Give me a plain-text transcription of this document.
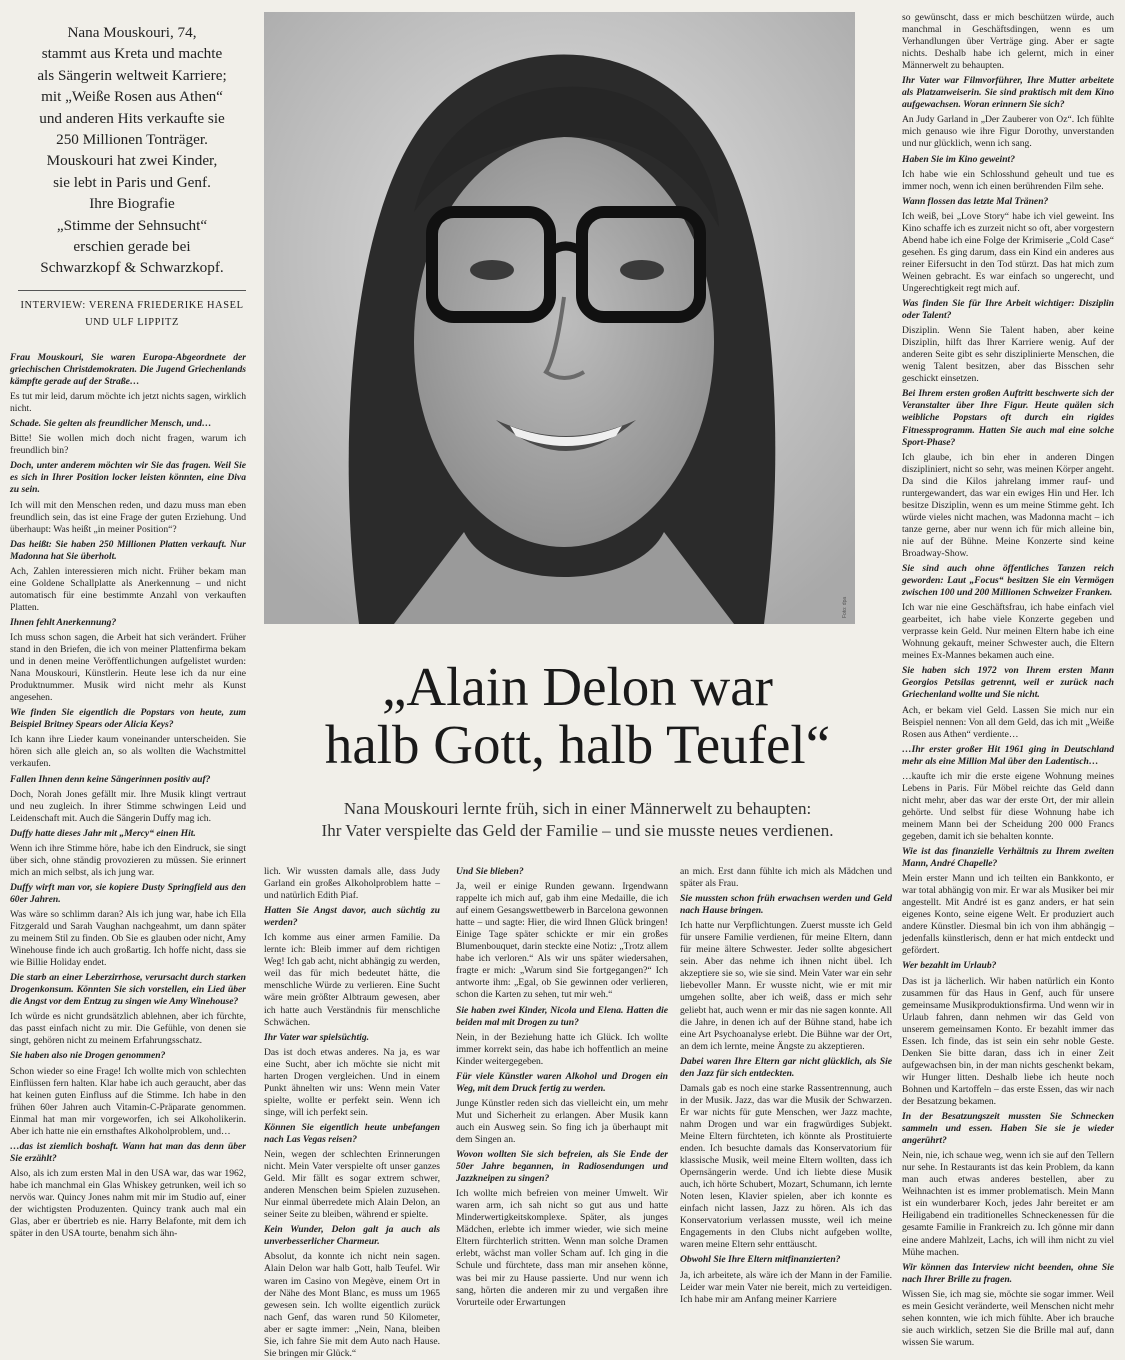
Nana Mouskouri, 74,

stammt aus Kreta und machte

als Sängerin weltweit Karriere;

mit „Weiße Rosen aus Athen“

und anderen Hits verkaufte sie

250 Millionen Tonträger.

Mouskouri hat zwei Kinder,

sie lebt in Paris und Genf.

Ihre Biografie

„Stimme der Sehnsucht“

erschien gerade bei

Schwarzkopf & Schwarzkopf.

INTERVIEW: VERENA FRIEDERIKE HASEL
UND ULF LIPPITZ

Frau Mouskouri, Sie waren Europa-Abgeordnete der griechischen Christdemokraten. Die Jugend Griechenlands kämpfte gerade auf der Straße…

Es tut mir leid, darum möchte ich jetzt nichts sagen, wirklich nicht.

Schade. Sie gelten als freundlicher Mensch, und…

Bitte! Sie wollen mich doch nicht fragen, warum ich freundlich bin?

Doch, unter anderem möchten wir Sie das fragen. Weil Sie es sich in Ihrer Position locker leisten könnten, eine Diva zu sein.

Ich will mit den Menschen reden, und dazu muss man eben freundlich sein, das ist eine Frage der guten Erziehung. Und überhaupt: Was heißt „in meiner Position“?

Das heißt: Sie haben 250 Millionen Platten verkauft. Nur Madonna hat Sie überholt.

Ach, Zahlen interessieren mich nicht. Früher bekam man eine Goldene Schallplatte als Anerkennung – und nicht automatisch für eine bestimmte Anzahl von verkauften Platten.

Ihnen fehlt Anerkennung?

Ich muss schon sagen, die Arbeit hat sich verändert. Früher stand in den Briefen, die ich von meiner Plattenfirma bekam und in denen meine Veröffentlichungen aufgelistet wurden: Nana Mouskouri, Künstlerin. Heute lese ich da nur eine Produktnummer. Musik wird nicht mehr als Kunst angesehen.

Wie finden Sie eigentlich die Popstars von heute, zum Beispiel Britney Spears oder Alicia Keys?

Ich kann ihre Lieder kaum voneinander unterscheiden. Sie hören sich alle gleich an, so als wollten die Wachstmittel verkaufen.

Fallen Ihnen denn keine Sängerinnen positiv auf?

Doch, Norah Jones gefällt mir. Ihre Musik klingt vertraut und neu zugleich. In ihrer Stimme schwingen Leid und Leidenschaft mit. Auch die Sängerin Duffy mag ich.

Duffy hatte dieses Jahr mit „Mercy“ einen Hit.

Wenn ich ihre Stimme höre, habe ich den Eindruck, sie singt über sich, ohne ständig provozieren zu müssen. Sie erinnert mich an mich selbst, als ich jung war.

Duffy wirft man vor, sie kopiere Dusty Springfield aus den 60er Jahren.

Was wäre so schlimm daran? Als ich jung war, habe ich Ella Fitzgerald und Sarah Vaughan nachgeahmt, um dann später zu meinem Stil zu finden. Ob Sie es glauben oder nicht, Amy Winehouse finde ich auch großartig. Ich hoffe nicht, dass sie wie Billie Holiday endet.

Die starb an einer Leberzirrhose, verursacht durch starken Drogenkonsum. Könnten Sie sich vorstellen, ein Lied über die Angst vor dem Entzug zu singen wie Amy Winehouse?

Ich würde es nicht grundsätzlich ablehnen, aber ich fürchte, das passt einfach nicht zu mir. Die Gefühle, von denen sie singt, gehören nicht zu meinem Erfahrungsschatz.

Sie haben also nie Drogen genommen?

Schon wieder so eine Frage! Ich wollte mich von schlechten Einflüssen fern halten. Klar habe ich auch geraucht, aber das hat keinen guten Einfluss auf die Stimme. Ich habe in den frühen 60er Jahren auch Vitamin-C-Präparate genommen. Einmal hat man mir vorgeworfen, ich sei Alkoholikerin. Aber ich hatte nie ein ernsthaftes Alkoholproblem, und…

…das ist ziemlich boshaft. Wann hat man das denn über Sie erzählt?

Also, als ich zum ersten Mal in den USA war, das war 1962, habe ich manchmal ein Glas Whiskey getrunken, weil ich so nervös war. Quincy Jones nahm mit mir im Studio auf, einer der wichtigsten Produzenten. Quincy trank auch mal ein Glas, aber er übertrieb es nie. Harry Belafonte, mit dem ich später in den USA tourte, benahm sich ähn-

Foto: dpa
„Alain Delon war
halb Gott, halb Teufel“
Nana Mouskouri lernte früh, sich in einer Männerwelt zu behaupten:
Ihr Vater verspielte das Geld der Familie – und sie musste neues verdienen.

lich. Wir wussten damals alle, dass Judy Garland ein großes Alkoholproblem hatte – und natürlich Edith Piaf.

Hatten Sie Angst davor, auch süchtig zu werden?

Ich komme aus einer armen Familie. Da lernte ich: Bleib immer auf dem richtigen Weg! Ich gab acht, nicht abhängig zu werden, weil das für mich bedeutet hätte, die menschliche Würde zu verlieren. Eine Sucht wäre mein größter Albtraum gewesen, aber ich hatte auch Verständnis für menschliche Schwächen.

Ihr Vater war spielsüchtig.

Das ist doch etwas anderes. Na ja, es war eine Sucht, aber ich möchte sie nicht mit harten Drogen vergleichen. Und in einem Punkt ähnelten wir uns: Wenn mein Vater spielte, wollte er perfekt sein. Wenn ich singe, will ich perfekt sein.

Können Sie eigentlich heute unbefangen nach Las Vegas reisen?

Nein, wegen der schlechten Erinnerungen nicht. Mein Vater verspielte oft unser ganzes Geld. Mir fällt es sogar extrem schwer, anderen Menschen beim Spielen zuzusehen. Nur einmal überredete mich Alain Delon, an seiner Seite zu bleiben, während er spielte.

Kein Wunder, Delon galt ja auch als unverbesserlicher Charmeur.

Absolut, da konnte ich nicht nein sagen. Alain Delon war halb Gott, halb Teufel. Wir waren im Casino von Megève, einem Ort in der Nähe des Mont Blanc, es muss um 1965 gewesen sein. Ich wollte eigentlich zurück nach Genf, das waren rund 50 Kilometer, aber er sagte immer: „Nein, Nana, bleiben Sie, ich fahre Sie mit dem Auto nach Hause. Sie bringen mir Glück.“

Und Sie blieben?

Ja, weil er einige Runden gewann. Irgendwann rappelte ich mich auf, gab ihm eine Medaille, die ich auf einem Gesangswettbewerb in Barcelona gewonnen hatte – und sagte: Hier, die wird Ihnen Glück bringen! Einige Tage später schickte er mir ein großes Blumenbouquet, darin steckte eine Notiz: „Trotz allem habe ich verloren.“ Als wir uns später wiedersahen, fragte er mich: „Warum sind Sie fortgegangen?“ Ich antworte ihm: „Egal, ob Sie gewinnen oder verlieren, schon die Karten zu sehen, tut mir weh.“

Sie haben zwei Kinder, Nicola und Elena. Hatten die beiden mal mit Drogen zu tun?

Nein, in der Beziehung hatte ich Glück. Ich wollte immer korrekt sein, das habe ich hoffentlich an meine Kinder weitergegeben.

Für viele Künstler waren Alkohol und Drogen ein Weg, mit dem Druck fertig zu werden.

Junge Künstler reden sich das vielleicht ein, um mehr Mut und Sicherheit zu erlangen. Aber Musik kann auch ein Ausweg sein. So fing ich ja überhaupt mit dem Singen an.

Wovon wollten Sie sich befreien, als Sie Ende der 50er Jahre begannen, in Radiosendungen und Jazzkneipen zu singen?

Ich wollte mich befreien von meiner Umwelt. Wir waren arm, ich sah nicht so gut aus und hatte Minderwertigkeitskomplexe. Später, als junges Mädchen, erlebte ich immer wieder, wie sich meine Eltern fürchterlich stritten. Wenn man solche Dramen erlebt, wächst man voller Scham auf. Ich ging in die Schule und fürchtete, dass man mir ansehen könne, was bei mir zu Hause passierte. Und nur wenn ich sang, hörten die anderen mir zu und vergaßen ihre Vorurteile oder Erwartungen

an mich. Erst dann fühlte ich mich als Mädchen und später als Frau.

Sie mussten schon früh erwachsen werden und Geld nach Hause bringen.

Ich hatte nur Verpflichtungen. Zuerst musste ich Geld für unsere Familie verdienen, für meine Eltern, dann für meine ältere Schwester. Jeder sollte abgesichert sein. Aber das nehme ich ihnen nicht übel. Ich akzeptiere sie so, wie sie sind. Mein Vater war ein sehr liebevoller Mann. Er wusste nicht, wie er mit mir umgehen sollte, aber ich weiß, dass er mich sehr geliebt hat, auch wenn er mir das nie sagen konnte. All die Jahre, in denen ich auf der Bühne stand, habe ich eine Art Psychoanalyse erlebt. Die Bühne war der Ort, an dem ich lernte, meine Ängste zu akzeptieren.

Dabei waren Ihre Eltern gar nicht glücklich, als Sie den Jazz für sich entdeckten.

Damals gab es noch eine starke Rassentrennung, auch in der Musik. Jazz, das war die Musik der Schwarzen. Er war nichts für gute Menschen, wer Jazz machte, nahm Drogen und war ein fragwürdiges Subjekt. Meine Eltern fürchteten, ich könnte als Prostituierte enden. Ich besuchte damals das Konservatorium für klassische Musik, weil meine Eltern wollten, dass ich Opernsängerin werde. Und ich liebte diese Musik auch, ich hörte Schubert, Mozart, Schumann, ich lernte Noten lesen, Klavier spielen, aber ich konnte es einfach nicht lassen, Jazz zu hören. Als ich das Konservatorium verlassen musste, weil ich meine Engagements in den Clubs nicht aufgeben wollte, waren meine Eltern sehr enttäuscht.

Obwohl Sie Ihre Eltern mitfinanzierten?

Ja, ich arbeitete, als wäre ich der Mann in der Familie. Leider war mein Vater nie bereit, mich zu verteidigen. Ich habe mir am Anfang meiner Karriere

so gewünscht, dass er mich beschützen würde, auch manchmal in Geschäftsdingen, wenn es um Verhandlungen über Verträge ging. Aber er sagte nichts. Deshalb habe ich gelernt, mich in einer Männerwelt zu behaupten.

Ihr Vater war Filmvorführer, Ihre Mutter arbeitete als Platzanweiserin. Sie sind praktisch mit dem Kino aufgewachsen. Woran erinnern Sie sich?

An Judy Garland in „Der Zauberer von Oz“. Ich fühlte mich genauso wie ihre Figur Dorothy, unverstanden und nur glücklich, wenn ich sang.

Haben Sie im Kino geweint?

Ich habe wie ein Schlosshund geheult und tue es immer noch, wenn ich einen berührenden Film sehe.

Wann flossen das letzte Mal Tränen?

Ich weiß, bei „Love Story“ habe ich viel geweint. Ins Kino schaffe ich es zurzeit nicht so oft, aber vorgestern Abend habe ich eine Folge der Krimiserie „Cold Case“ gesehen. Es ging darum, dass ein Kind ein anderes aus reiner Eifersucht in den Tod stürzt. Das hat mich zum Weinen gebracht. Es war einfach so ungerecht, und Ungerechtigkeit regt mich auf.

Was finden Sie für Ihre Arbeit wichtiger: Disziplin oder Talent?

Disziplin. Wenn Sie Talent haben, aber keine Disziplin, hilft das Ihrer Karriere wenig. Auf der anderen Seite gibt es sehr disziplinierte Menschen, die wenig Talent besitzen, aber das Bisschen sehr geschickt einsetzen.

Bei Ihrem ersten großen Auftritt beschwerte sich der Veranstalter über Ihre Figur. Heute quälen sich weibliche Popstars oft durch ein rigides Fitnessprogramm. Hatten Sie auch mal eine solche Sport-Phase?

Ich glaube, ich bin eher in anderen Dingen diszipliniert, nicht so sehr, was meinen Körper angeht. Da sind die Kilos jahrelang immer rauf- und runtergewandert, das war ein ewiges Hin und Her. Ich besitze Disziplin, wenn es um meine Stimme geht. Ich würde vieles nicht machen, was Madonna macht – ich tanze gerne, aber nur wenn ich für mich alleine bin, nie auf der Bühne. Meine Konzerte sind keine Broadway-Show.

Sie sind auch ohne öffentliches Tanzen reich geworden: Laut „Focus“ besitzen Sie ein Vermögen zwischen 100 und 200 Millionen Schweizer Franken.

Ich war nie eine Geschäftsfrau, ich habe einfach viel gearbeitet, ich habe viele Konzerte gegeben und verprasse kein Geld. Nur meinen Eltern habe ich eine Wohnung gekauft, meiner Schwester auch, die Eltern meines Ex-Mannes bekamen auch eine.

Sie haben sich 1972 von Ihrem ersten Mann Georgios Petsilas getrennt, weil er zurück nach Griechenland wollte und Sie nicht.

Ach, er bekam viel Geld. Lassen Sie mich nur ein Beispiel nennen: Von all dem Geld, das ich mit „Weiße Rosen aus Athen“ verdiente…

…Ihr erster großer Hit 1961 ging in Deutschland mehr als eine Million Mal über den Ladentisch…

…kaufte ich mir die erste eigene Wohnung meines Lebens in Paris. Für Möbel reichte das Geld dann nicht mehr, aber das war der erste Ort, der mir allein gehörte. Und selbst für diese Wohnung habe ich meinem Mann bei der Scheidung 200 000 Francs gegeben, damit ich sie behalten konnte.

Wie ist das finanzielle Verhältnis zu Ihrem zweiten Mann, André Chapelle?

Mein erster Mann und ich teilten ein Bankkonto, er war total abhängig von mir. Er war als Musiker bei mir angestellt. Mit André ist es ganz anders, er hat sein eigenes Konto, seine eigene Welt. Er produziert auch andere Künstler. Diesmal bin ich von ihm abhängig – jedenfalls künstlerisch, denn er hat mich entdeckt und gefördert.

Wer bezahlt im Urlaub?

Das ist ja lächerlich. Wir haben natürlich ein Konto zusammen für das Haus in Genf, auch für unsere gemeinsame Musikproduktionsfirma. Und wenn wir in Urlaub fahren, dann nehmen wir das Geld von unserem gemeinsamen Konto. Er bezahlt immer das Essen. Ich finde, das ist sein ein sehr noble Geste. Denken Sie bitte daran, dass ich in einer Zeit aufgewachsen bin, in der man nichts geschenkt bekam, wir Hunger litten. Deshalb liebe ich heute noch Bohnen und Kartoffeln – das erste Essen, das wir nach der Besatzung bekamen.

In der Besatzungszeit mussten Sie Schnecken sammeln und essen. Haben Sie sie je wieder angerührt?

Nein, nie, ich schaue weg, wenn ich sie auf den Tellern nur sehe. In Restaurants ist das kein Problem, da kann man auch etwas anderes bestellen, aber zu Weihnachten ist es immer problematisch. Mein Mann ist ein wunderbarer Koch, jedes Jahr bereitet er am Heiligabend ein traditionelles Schneckenessen für die gesamte Familie in Frankreich zu. Ich gönne mir dann eine andere Mahlzeit, Lachs, ich will ihm nicht zu viel Mühe machen.

Wir können das Interview nicht beenden, ohne Sie nach Ihrer Brille zu fragen.

Wissen Sie, ich mag sie, möchte sie sogar immer. Weil es mein Gesicht veränderte, weil Menschen nicht mehr sehen konnten, wie ich mich fühlte. Aber ich brauche sie auch wirklich, setzen Sie die Brille mal auf, dann wissen Sie warum.
